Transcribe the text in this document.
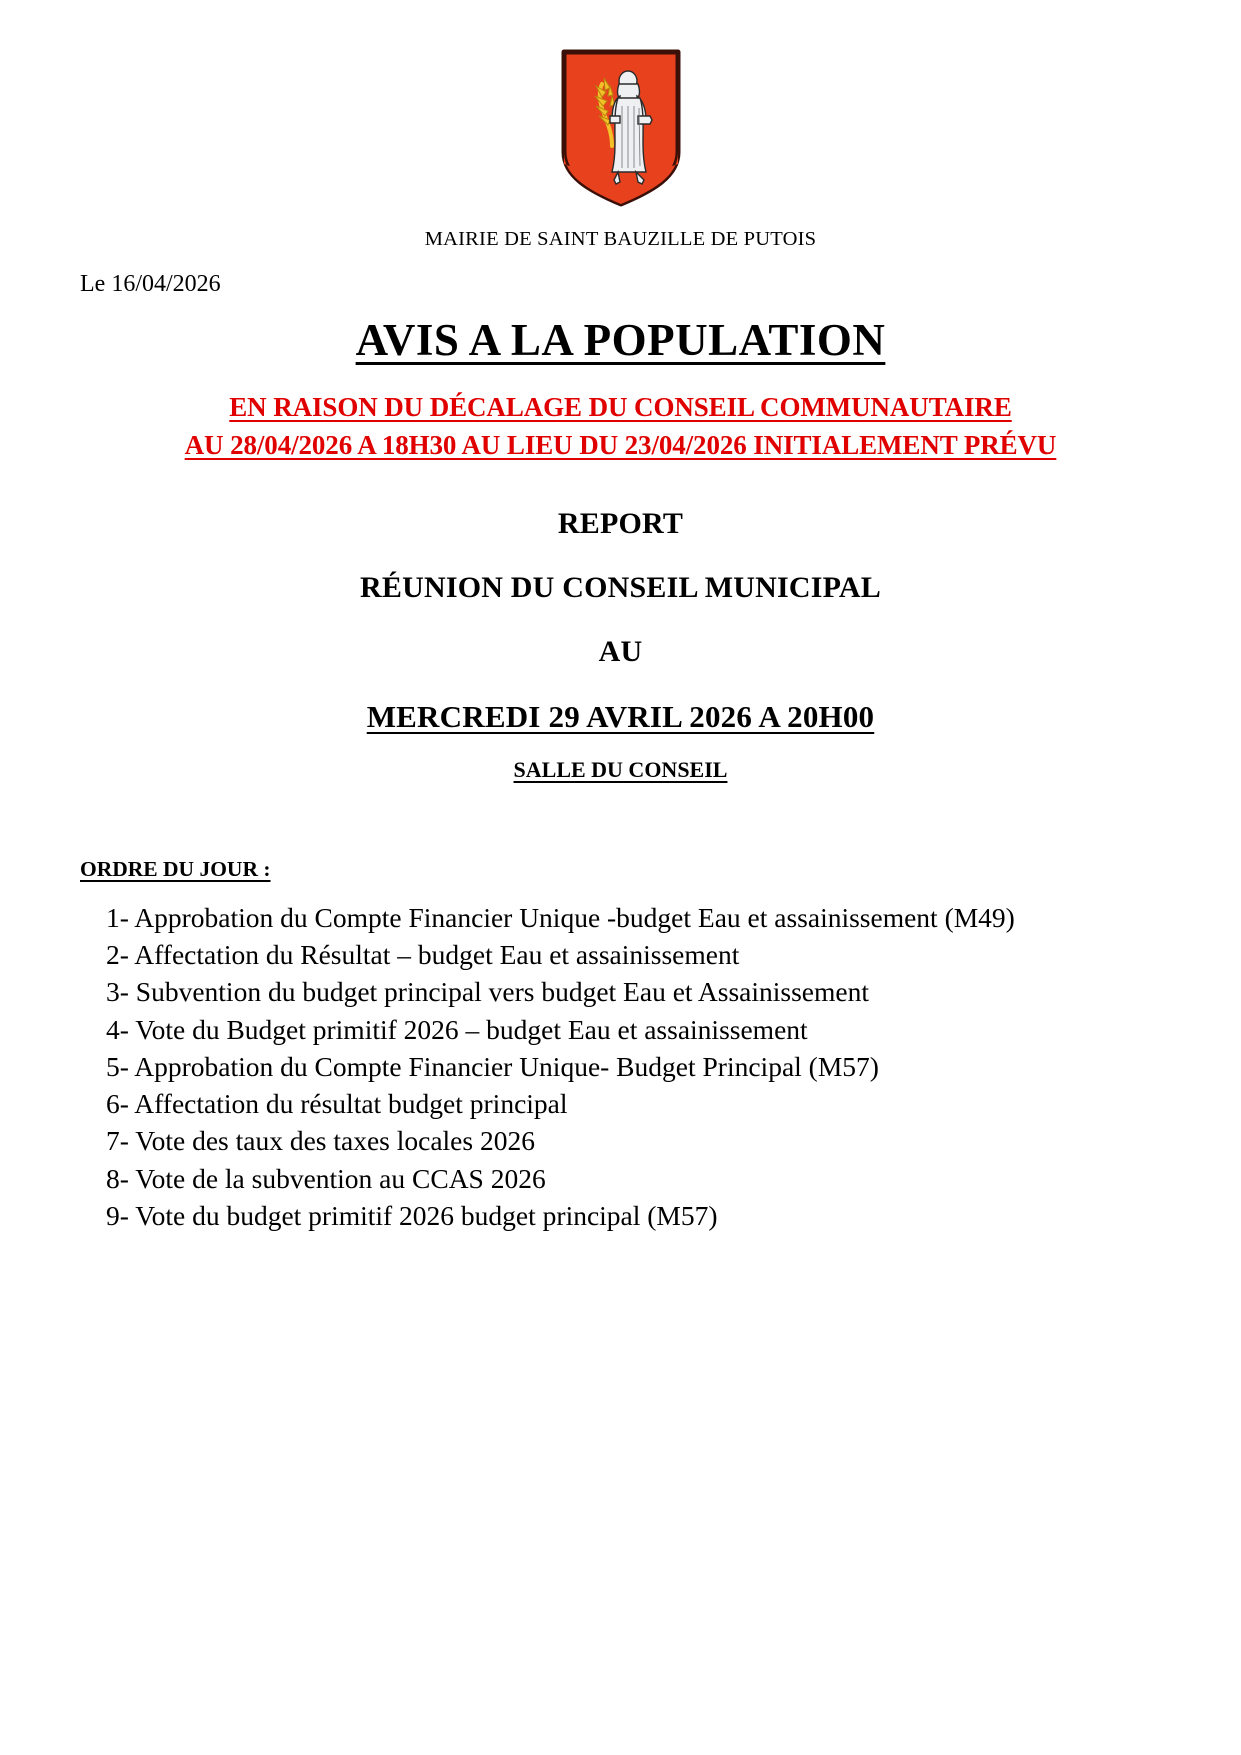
MAIRIE DE SAINT BAUZILLE DE PUTOIS
Le 16/04/2026
AVIS A LA POPULATION
EN RAISON DU DÉCALAGE DU CONSEIL COMMUNAUTAIRE
AU 28/04/2026 A 18H30 AU LIEU DU 23/04/2026 INITIALEMENT PRÉVU
REPORT
RÉUNION DU CONSEIL MUNICIPAL
AU
MERCREDI 29 AVRIL 2026 A 20H00
SALLE DU CONSEIL
ORDRE DU JOUR :
1- Approbation du Compte Financier Unique -budget Eau et assainissement (M49)
2- Affectation du Résultat – budget Eau et assainissement
3- Subvention du budget principal vers budget Eau et Assainissement
4- Vote du Budget primitif 2026 – budget Eau et assainissement
5- Approbation du Compte Financier Unique- Budget Principal (M57)
6- Affectation du résultat budget principal
7- Vote des taux des taxes locales 2026
8- Vote de la subvention au CCAS 2026
9- Vote du budget primitif 2026 budget principal (M57)
